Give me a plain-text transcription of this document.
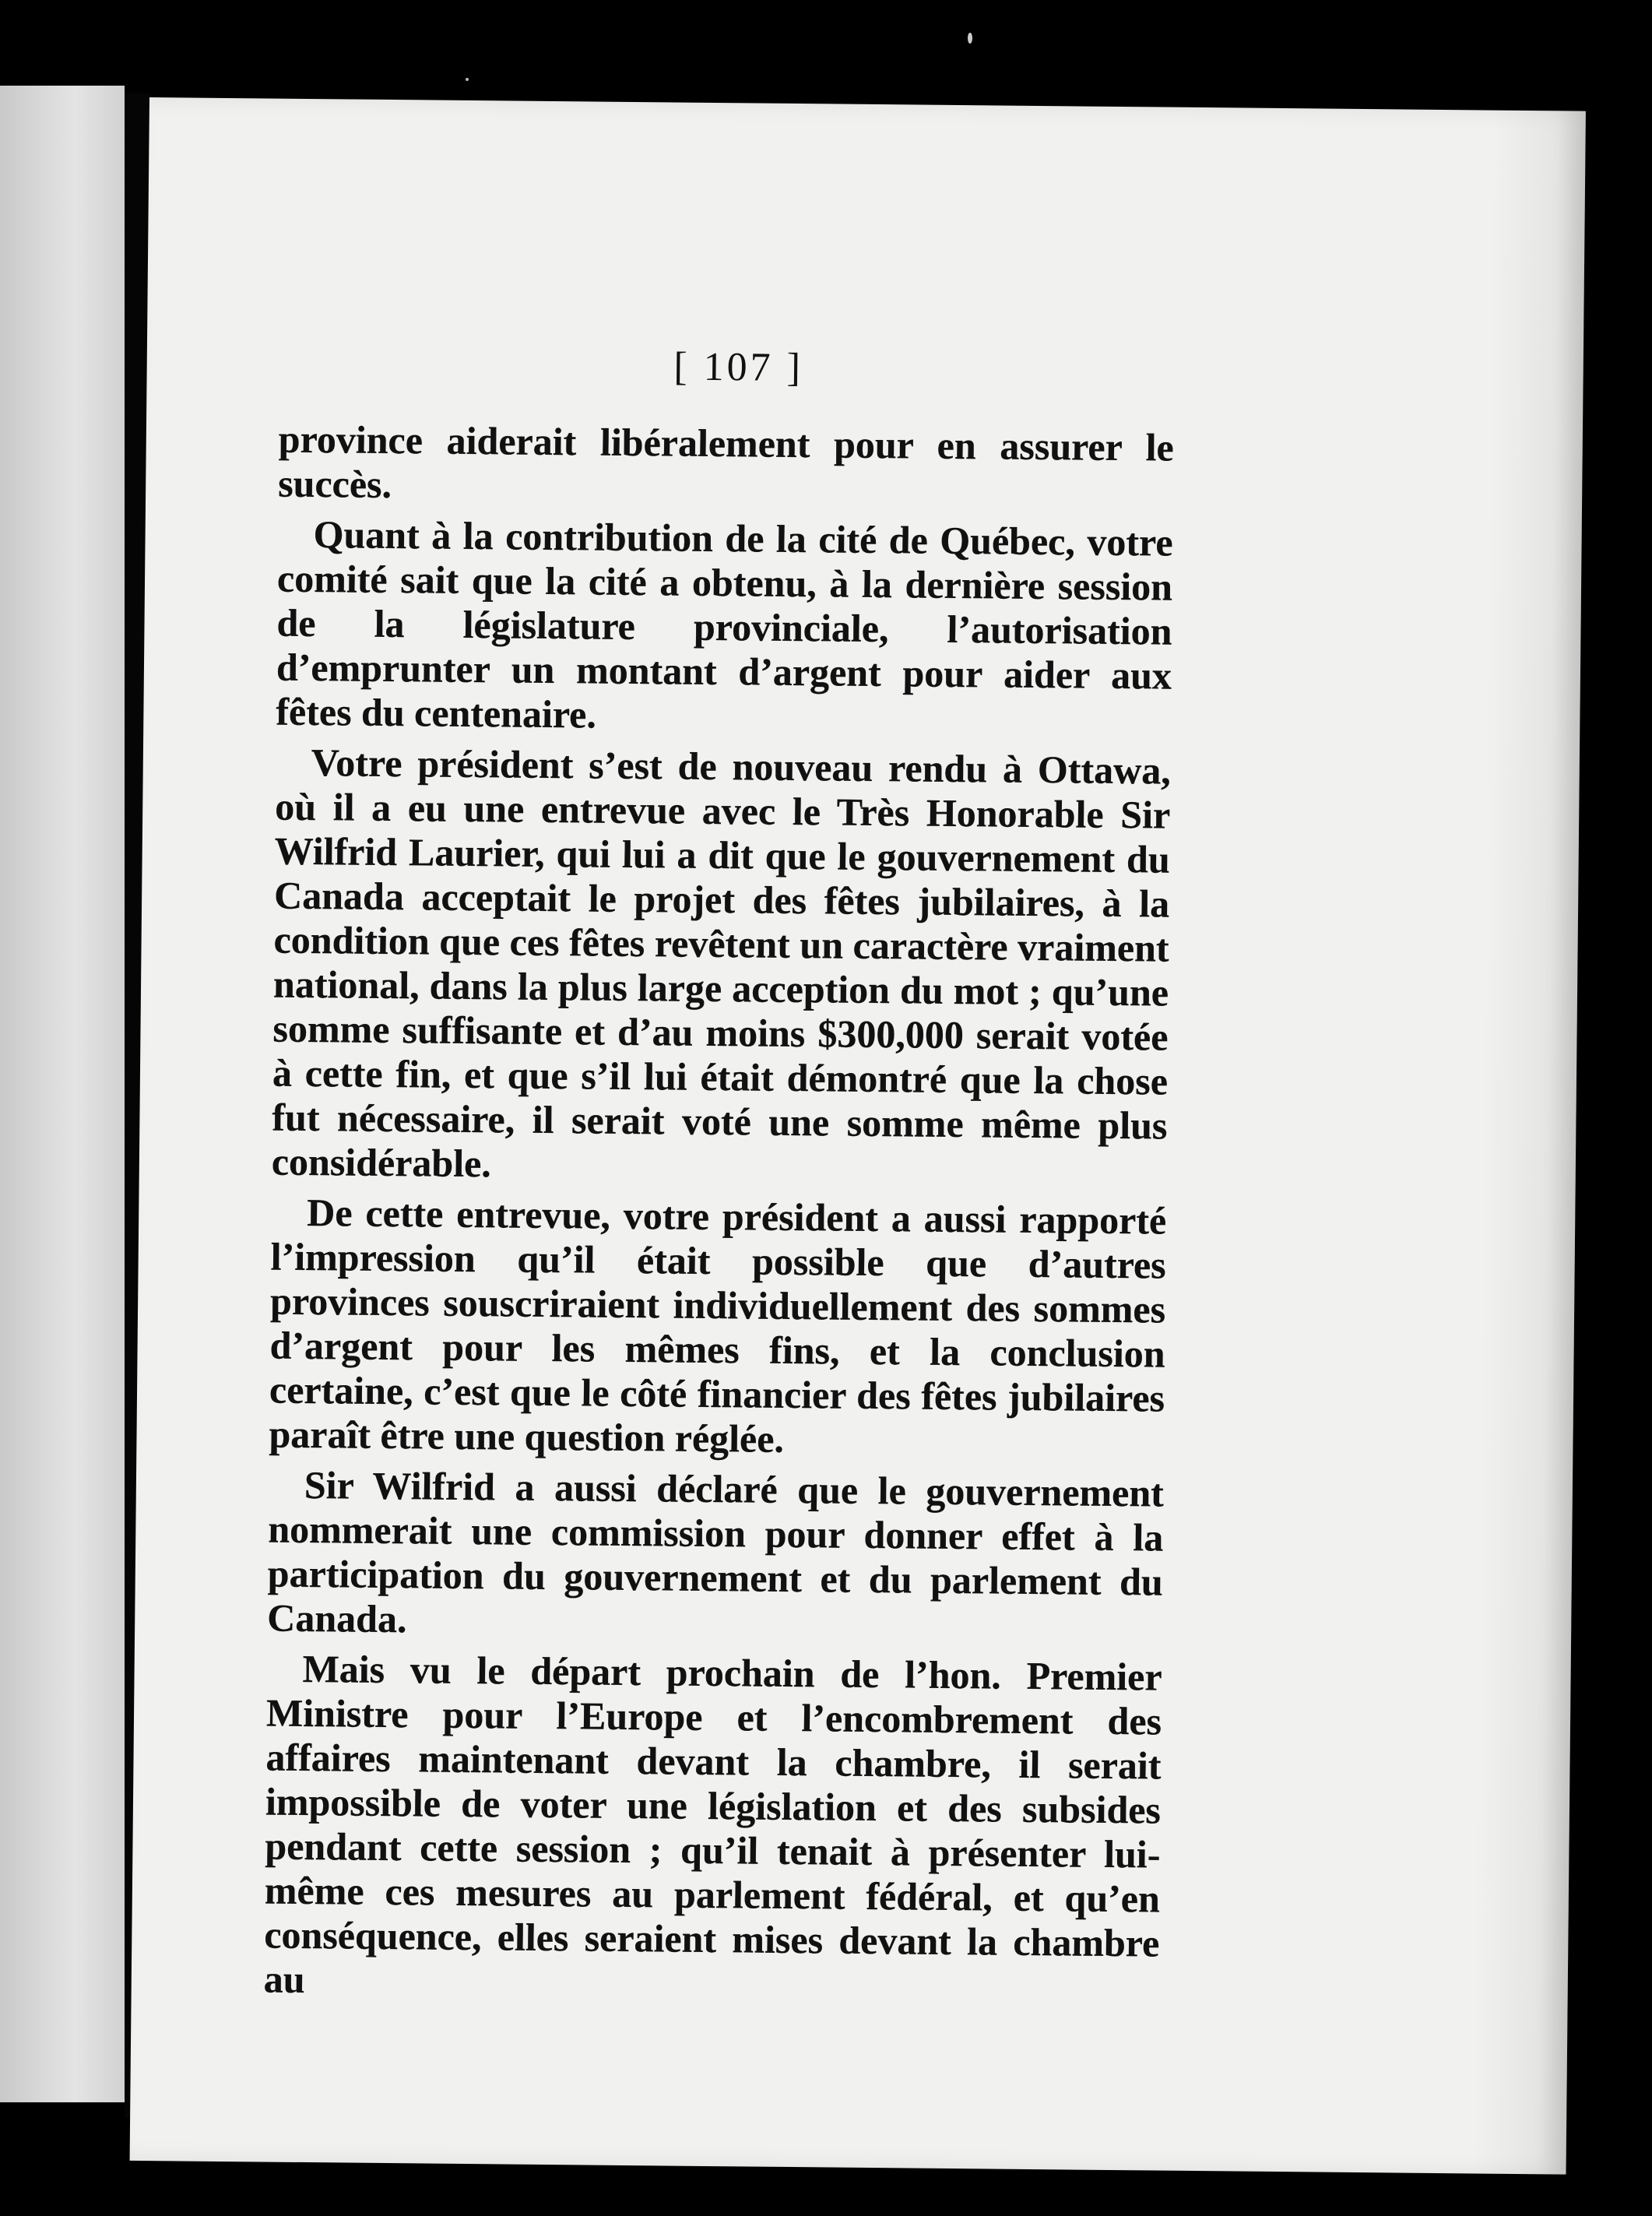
[ 107 ]

province aiderait libéralement pour en assurer le succès.

Quant à la contribution de la cité de Québec, votre comité sait que la cité a obtenu, à la dernière session de la législature provinciale, l’autorisation d’emprunter un montant d’argent pour aider aux fêtes du centenaire.

Votre président s’est de nouveau rendu à Ottawa, où il a eu une entrevue avec le Très Honorable Sir Wilfrid Laurier, qui lui a dit que le gouvernement du Canada acceptait le projet des fêtes jubilaires, à la condition que ces fêtes revêtent un caractère vraiment national, dans la plus large acception du mot ; qu’une somme suffisante et d’au moins $300,000 serait votée à cette fin, et que s’il lui était démontré que la chose fut nécessaire, il serait voté une somme même plus considérable.

De cette entrevue, votre président a aussi rapporté l’impression qu’il était possible que d’autres provinces souscriraient individuellement des sommes d’argent pour les mêmes fins, et la conclusion certaine, c’est que le côté financier des fêtes jubilaires paraît être une question réglée.

Sir Wilfrid a aussi déclaré que le gouvernement nommerait une commission pour donner effet à la participation du gouvernement et du parlement du Canada.

Mais vu le départ prochain de l’hon. Premier Ministre pour l’Europe et l’encombrement des affaires maintenant devant la chambre, il serait impossible de voter une législation et des subsides pendant cette session ; qu’il tenait à présenter lui-même ces mesures au parlement fédéral, et qu’en conséquence, elles seraient mises devant la chambre au
